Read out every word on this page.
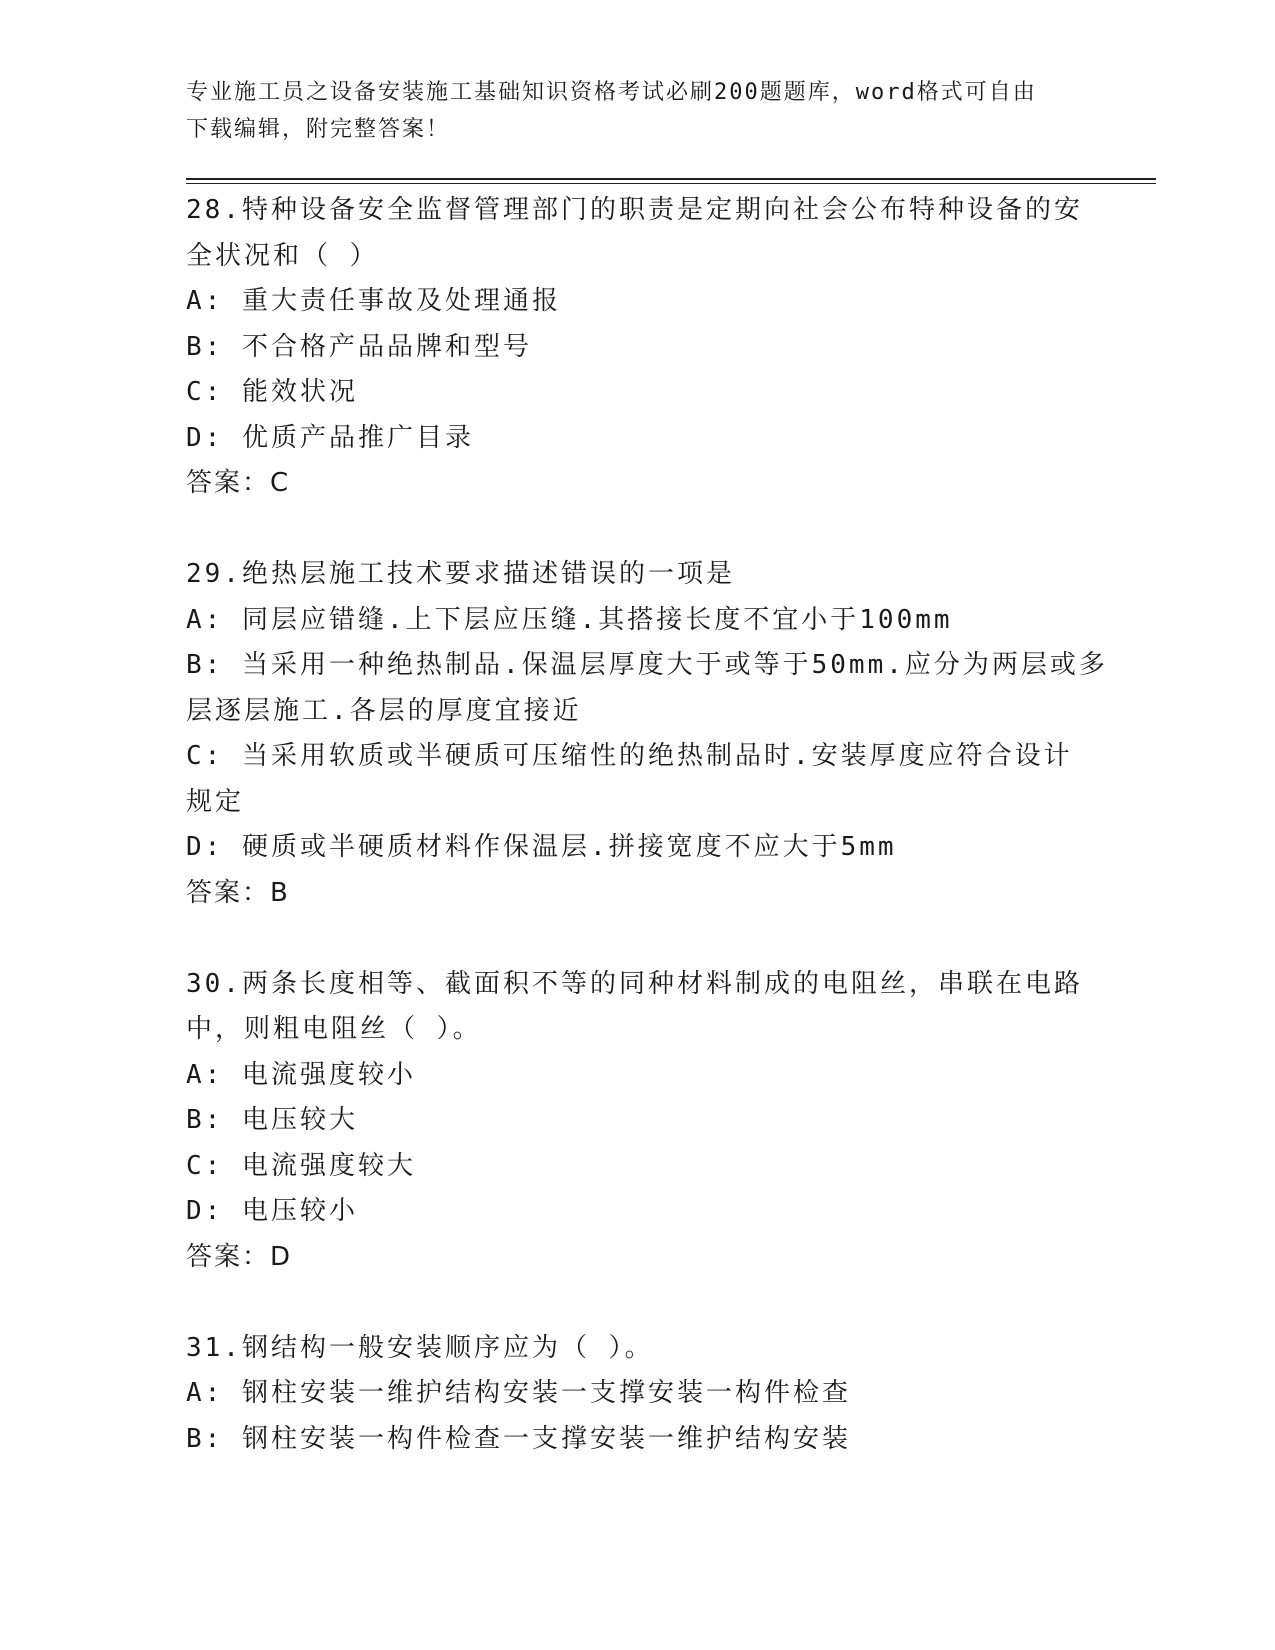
专业施工员之设备安装施工基础知识资格考试必刷200题题库，word格式可自由
下载编辑，附完整答案！
28.特种设备安全监督管理部门的职责是定期向社会公布特种设备的安
全状况和（ ）
A: 重大责任事故及处理通报
B: 不合格产品品牌和型号
C: 能效状况
D: 优质产品推广目录
答案：C
29.绝热层施工技术要求描述错误的一项是
A: 同层应错缝.上下层应压缝.其搭接长度不宜小于100mm
B: 当采用一种绝热制品.保温层厚度大于或等于50mm.应分为两层或多
层逐层施工.各层的厚度宜接近
C: 当采用软质或半硬质可压缩性的绝热制品时.安装厚度应符合设计
规定
D: 硬质或半硬质材料作保温层.拼接宽度不应大于5mm
答案：B
30.两条长度相等、截面积不等的同种材料制成的电阻丝，串联在电路
中，则粗电阻丝（ ）。
A: 电流强度较小
B: 电压较大
C: 电流强度较大
D: 电压较小
答案：D
31.钢结构一般安装顺序应为（ ）。
A: 钢柱安装一维护结构安装一支撑安装一构件检查
B: 钢柱安装一构件检查一支撑安装一维护结构安装
